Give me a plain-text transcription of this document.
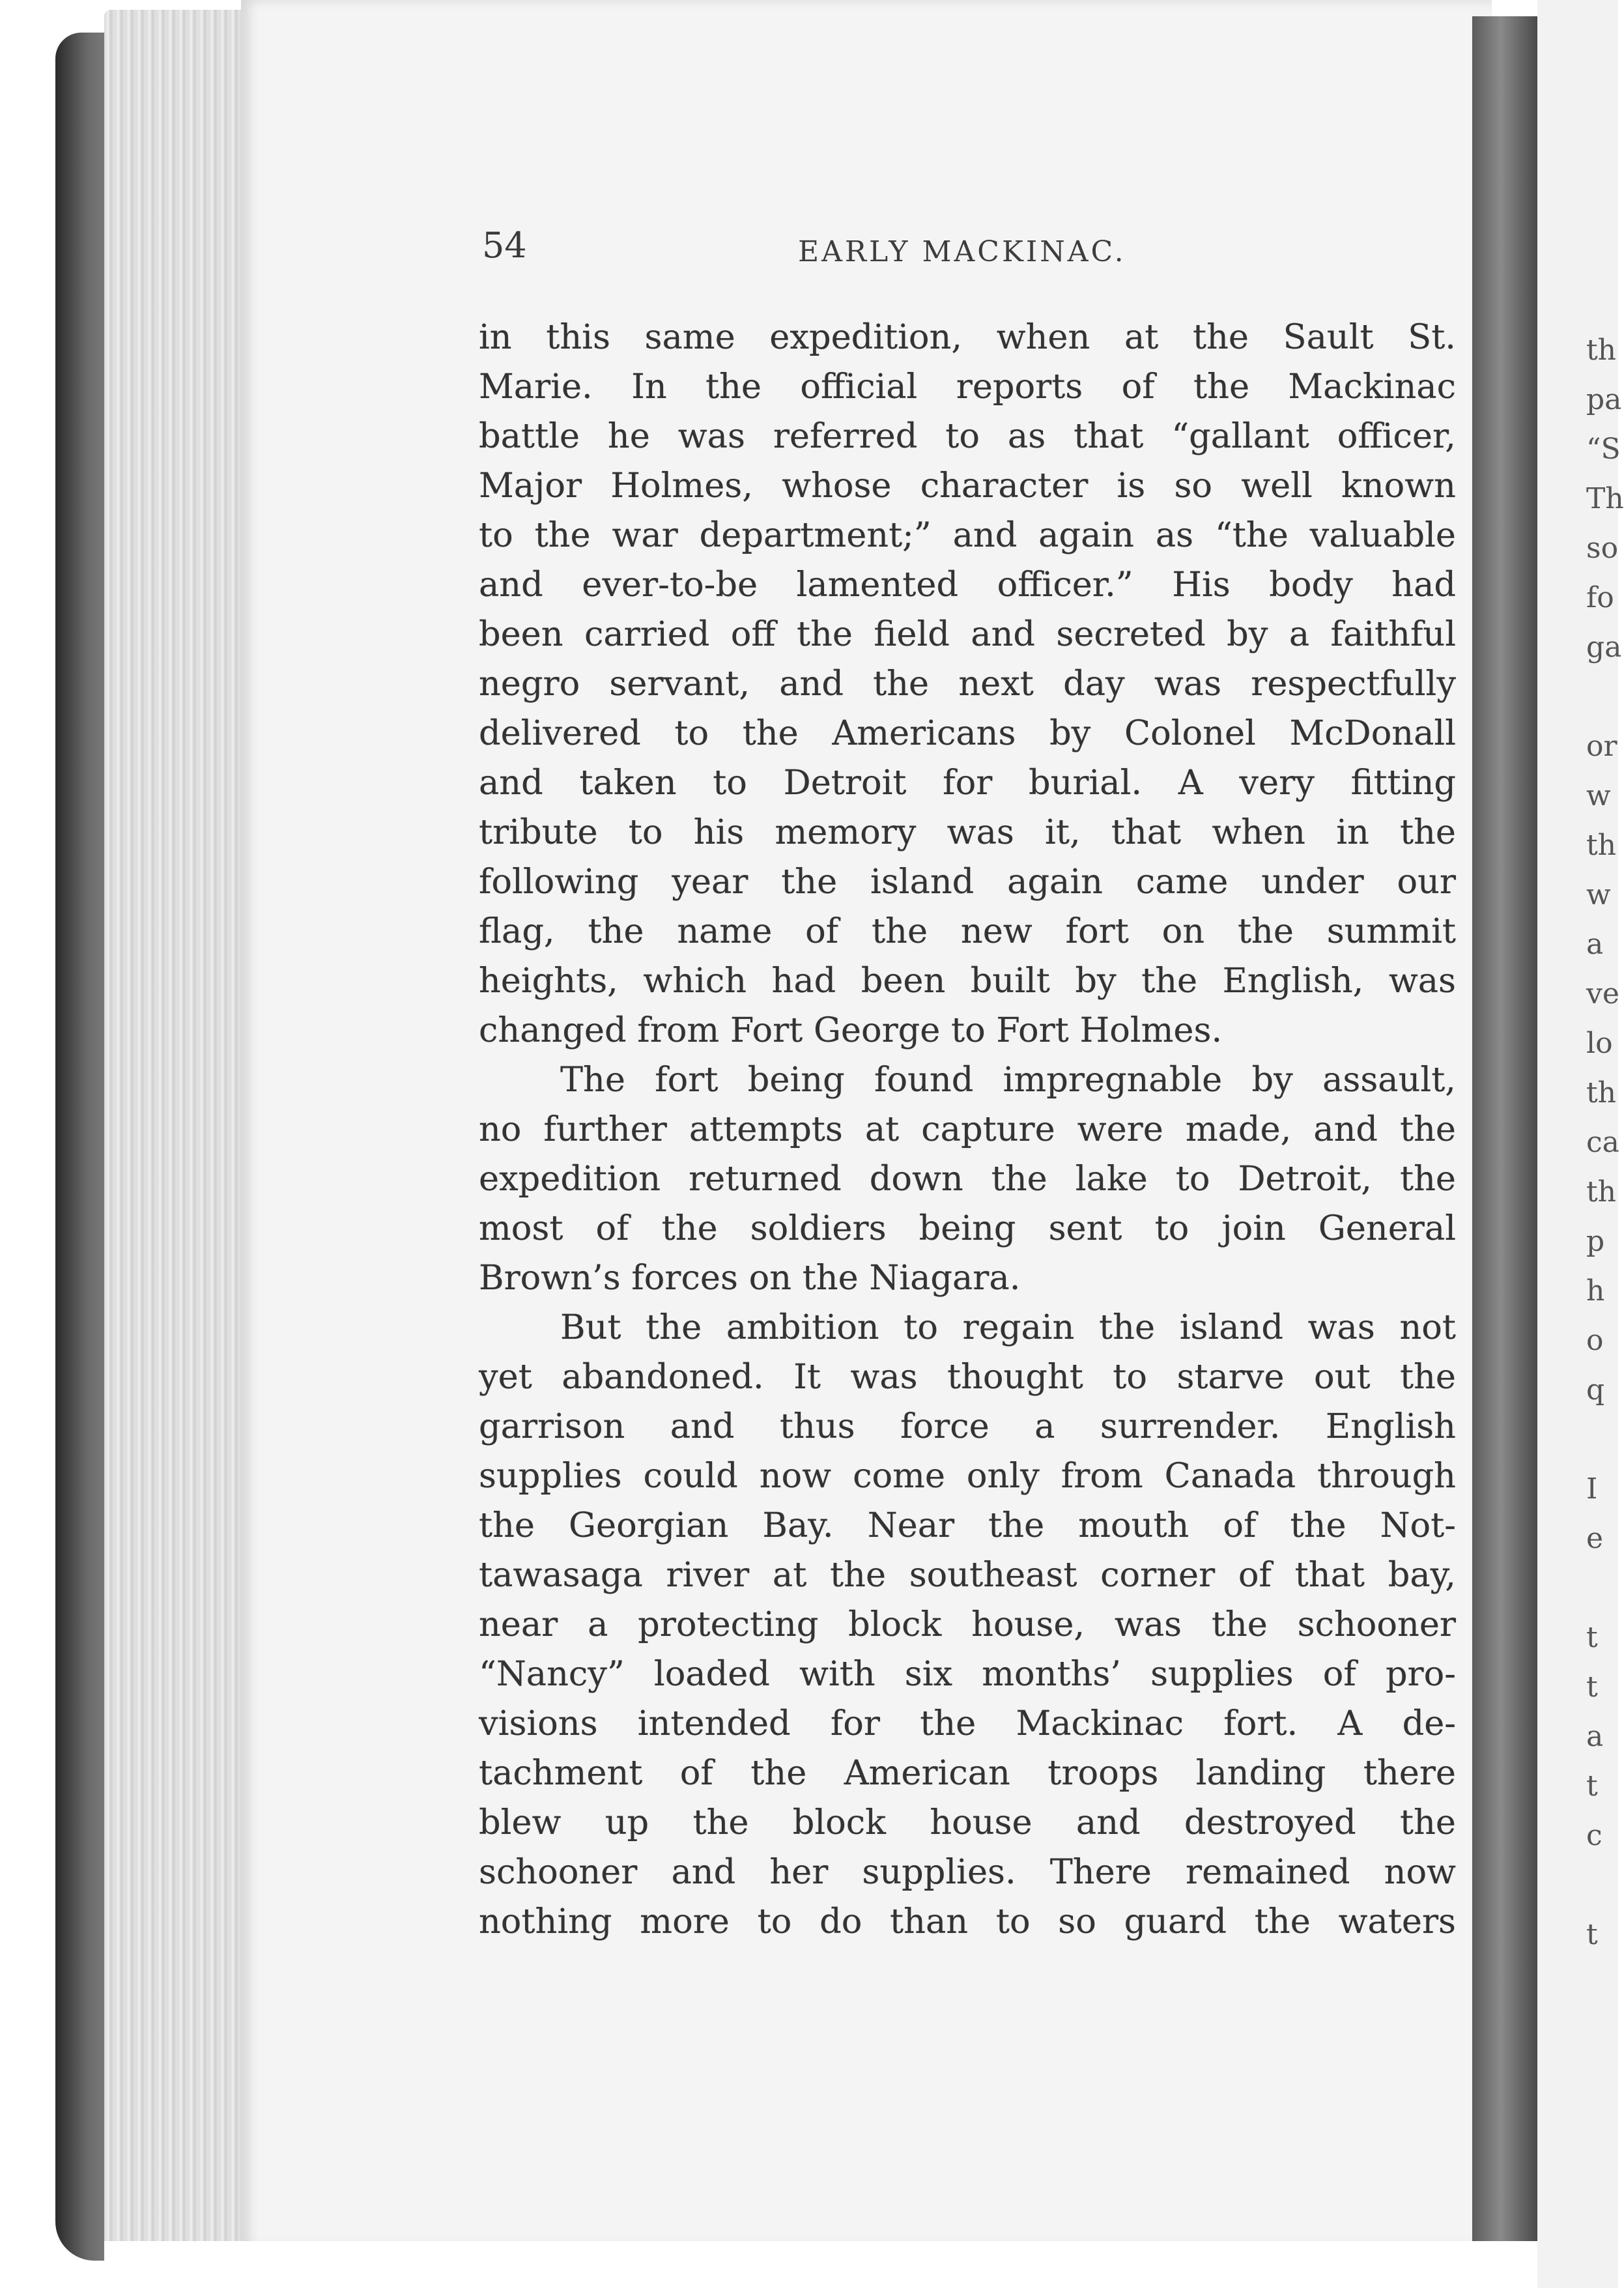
54	EARLY MACKINAC.
in this same expedition, when at the Sault St.
Marie. In the official reports of the Mackinac
battle he was referred to as that “gallant officer,
Major Holmes, whose character is so well known
to the war department;” and again as “the valuable
and ever-to-be lamented officer.” His body had
been carried off the field and secreted by a faithful
negro servant, and the next day was respectfully
delivered to the Americans by Colonel McDonall
and taken to Detroit for burial. A very fitting
tribute to his memory was it, that when in the
following year the island again came under our
flag, the name of the new fort on the summit
heights, which had been built by the English, was
changed from Fort George to Fort Holmes.
The fort being found impregnable by assault,
no further attempts at capture were made, and the
expedition returned down the lake to Detroit, the
most of the soldiers being sent to join General
Brown’s forces on the Niagara.
But the ambition to regain the island was not
yet abandoned. It was thought to starve out the
garrison and thus force a surrender. English
supplies could now come only from Canada through
the Georgian Bay. Near the mouth of the Not-
tawasaga river at the southeast corner of that bay,
near a protecting block house, was the schooner
“Nancy” loaded with six months’ supplies of pro-
visions intended for the Mackinac fort. A de-
tachment of the American troops landing there
blew up the block house and destroyed the
schooner and her supplies. There remained now
nothing more to do than to so guard the waters
th
pa
“S
Th
so
fo
ga
or
w
th
w
a
ve
lo
th
ca
th
p
h
o
q
I
e
t
t
a
t
c
t
